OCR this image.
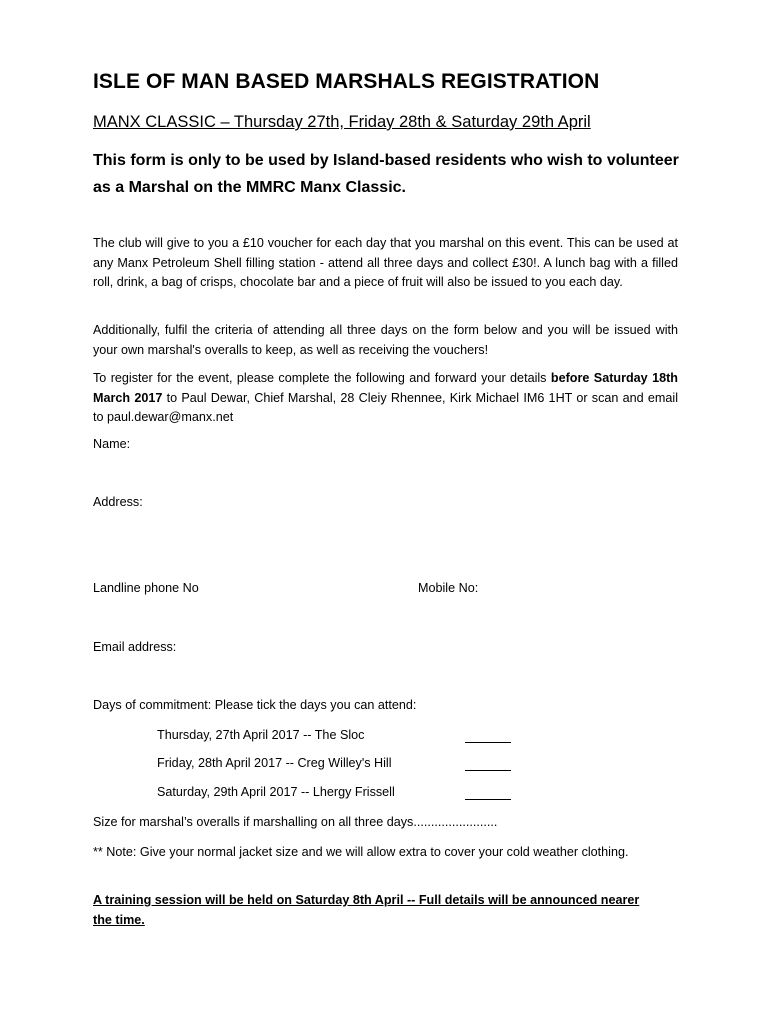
ISLE OF MAN BASED MARSHALS REGISTRATION

MANX CLASSIC – Thursday 27th, Friday 28th & Saturday 29th April

This form is only to be used by Island-based residents who wish to volunteer as a Marshal on the MMRC Manx Classic.

The club will give to you a £10 voucher for each day that you marshal on this event. This can be used at any Manx Petroleum Shell filling station - attend all three days and collect £30!. A lunch bag with a filled roll, drink, a bag of crisps, chocolate bar and a piece of fruit will also be issued to you each day.

Additionally, fulfil the criteria of attending all three days on the form below and you will be issued with your own marshal's overalls to keep, as well as receiving the vouchers!

To register for the event, please complete the following and forward your details before Saturday 18th March 2017 to Paul Dewar, Chief Marshal, 28 Cleiy Rhennee, Kirk Michael IM6 1HT or scan and email to paul.dewar@manx.net

Name:

Address:

Landline phone No	Mobile No:

Email address:

Days of commitment: Please tick the days you can attend:

Thursday, 27th April 2017 -- The Sloc

Friday, 28th April 2017 -- Creg Willey's Hill

Saturday, 29th April 2017 -- Lhergy Frissell

Size for marshal’s overalls if marshalling on all three days........................

** Note: Give your normal jacket size and we will allow extra to cover your cold weather clothing.

A training session will be held on Saturday 8th April -- Full details will be announced nearer the time.
